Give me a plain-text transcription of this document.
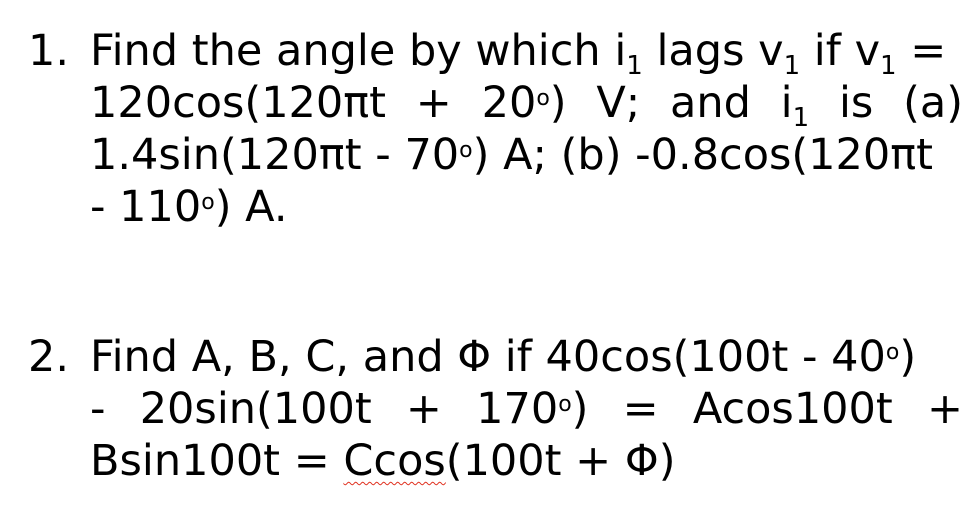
1. Find the angle by which $i_1$ lags $v_1$ if $v_1$ =
$120\cos(120\pi t + 20^o)$ V; and $i_1$ is (a)
1.4sin(120πt - 70$^o$) A; (b) -0.8cos(120πt
- 110$^o$) A.
2. Find A, B, C, and Φ if 40cos(100t - 40$^o$)
- $20\sin(100t + 170^o) = Acos100t$ +
Bsin100t = Ccos(100t + Φ)
